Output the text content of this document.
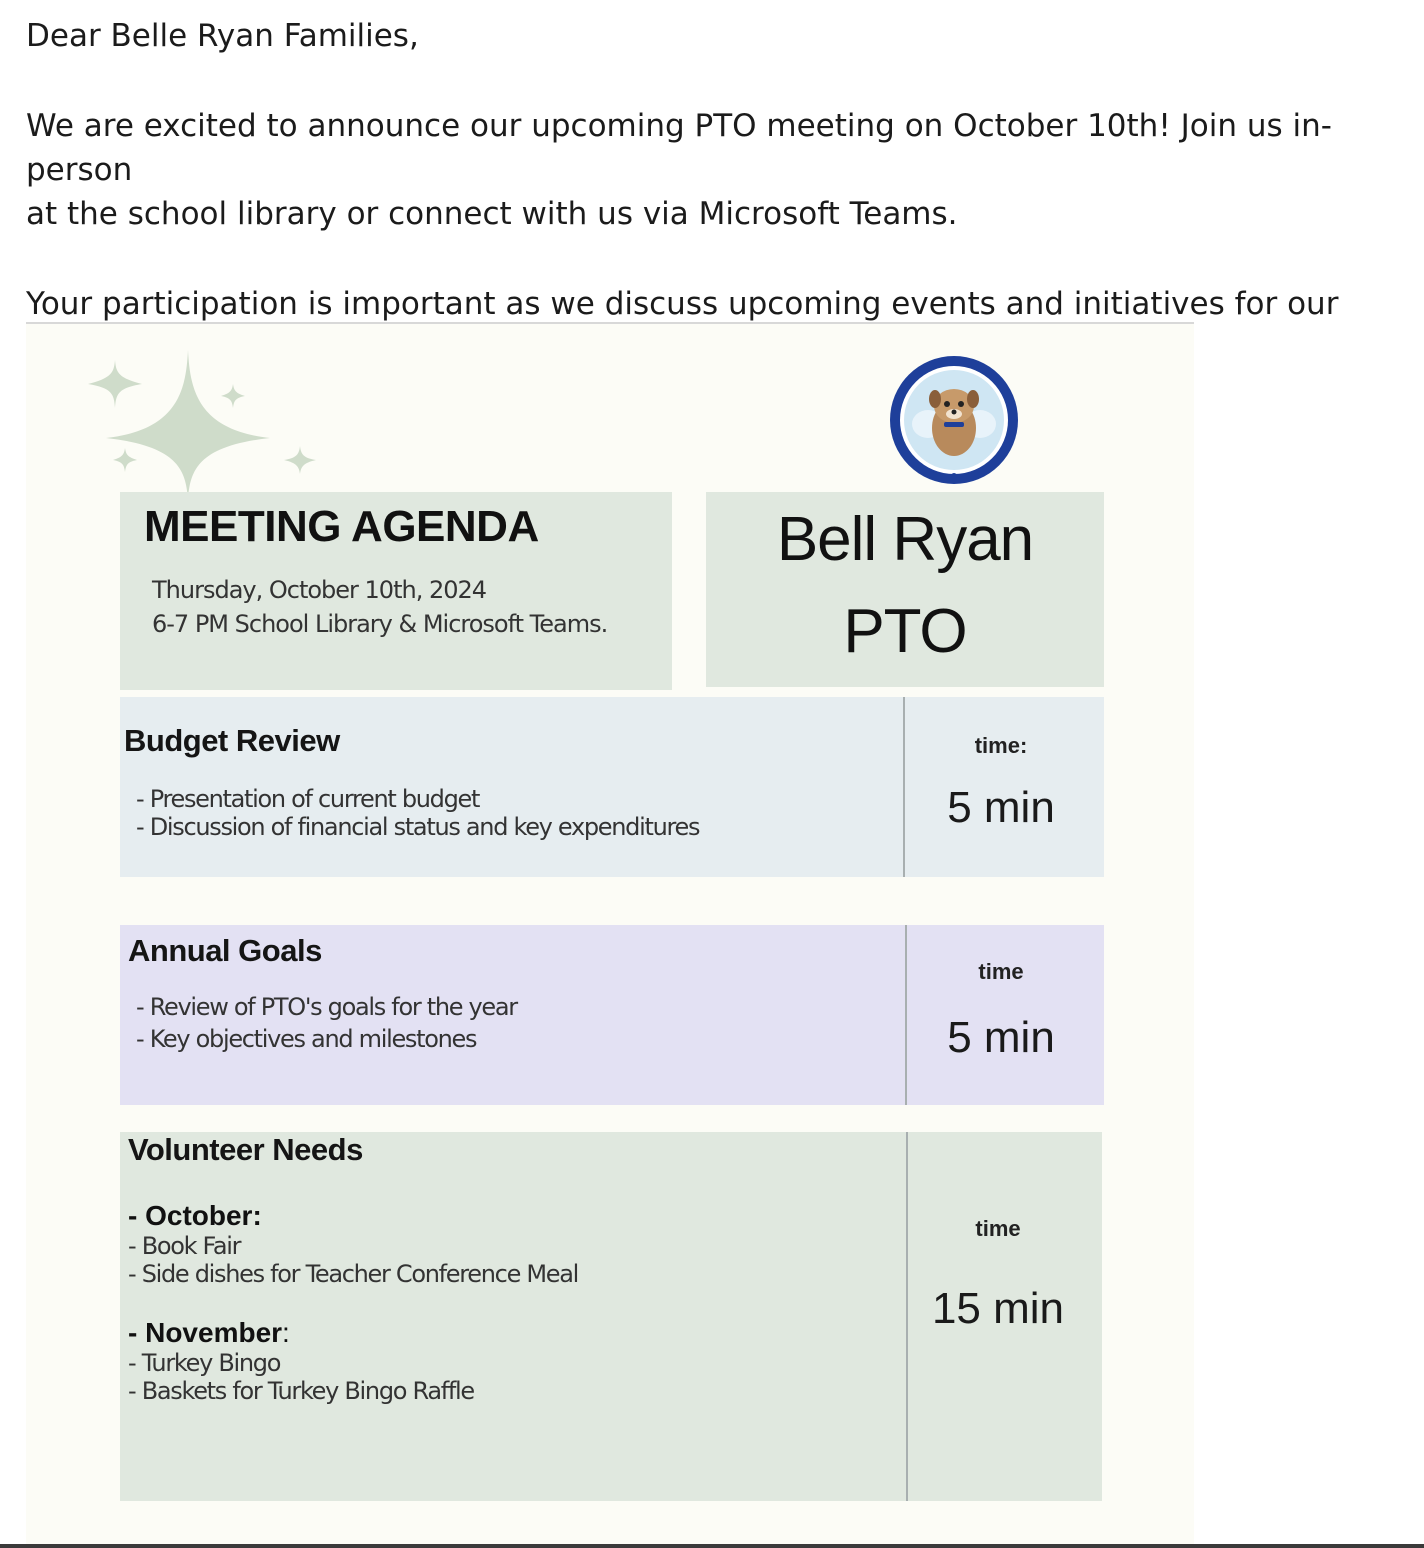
Dear Belle Ryan Families,

We are excited to announce our upcoming PTO meeting on October 10th! Join us in-person

at the school library or connect with us via Microsoft Teams.

Your participation is important as we discuss upcoming events and initiatives for our

MEETING AGENDA
Thursday, October 10th, 2024
6-7 PM School Library & Microsoft Teams.
Bell Ryan
PTO
Budget Review
- Presentation of current budget
- Discussion of financial status and key expenditures
time:
5 min
Annual Goals
- Review of PTO's goals for the year
- Key objectives and milestones
time
5 min
Volunteer Needs
- October:
- Book Fair
- Side dishes for Teacher Conference Meal
- November:
- Turkey Bingo
- Baskets for Turkey Bingo Raffle
time
15 min
